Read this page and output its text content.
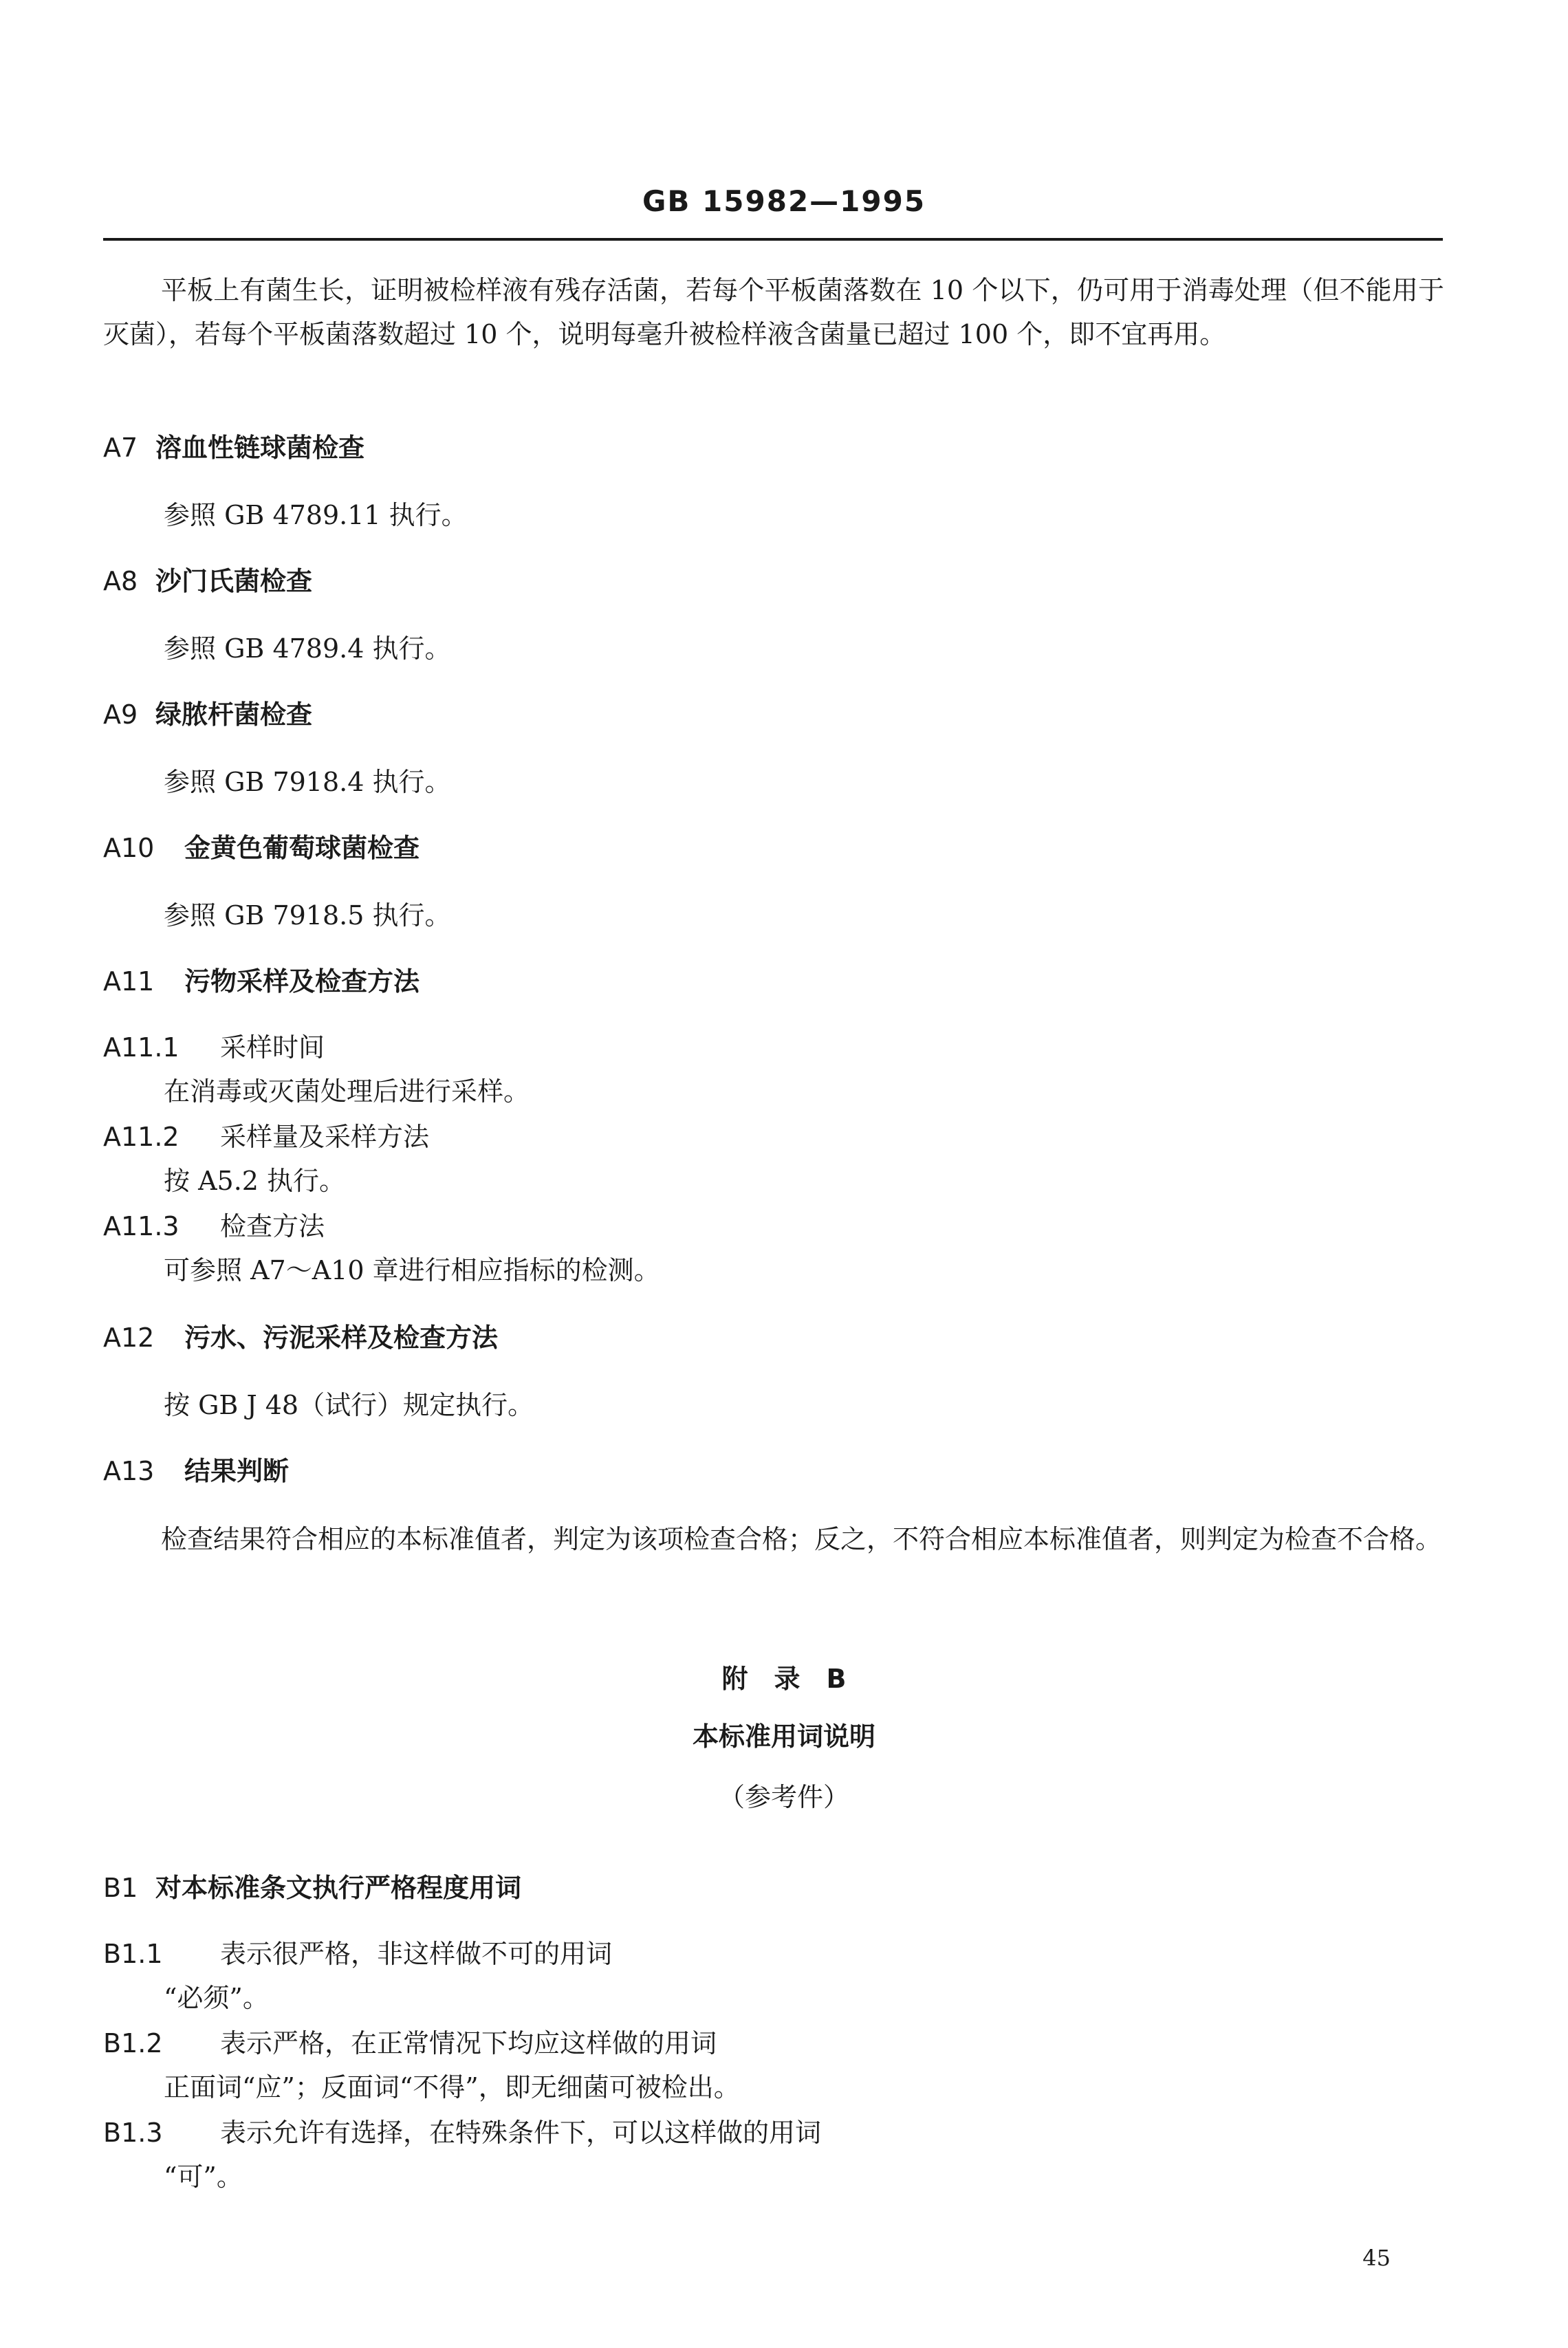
GB 15982—1995

平板上有菌生长，证明被检样液有残存活菌，若每个平板菌落数在 10 个以下，仍可用于消毒处理（但不能用于灭菌），若每个平板菌落数超过 10 个，说明每毫升被检样液含菌量已超过 100 个，即不宜再用。

A7 溶血性链球菌检查
参照 GB 4789.11 执行。
A8 沙门氏菌检查
参照 GB 4789.4 执行。
A9 绿脓杆菌检查
参照 GB 7918.4 执行。
A10 金黄色葡萄球菌检查
参照 GB 7918.5 执行。
A11 污物采样及检查方法
A11.1 采样时间
在消毒或灭菌处理后进行采样。
A11.2 采样量及采样方法
按 A5.2 执行。
A11.3 检查方法
可参照 A7～A10 章进行相应指标的检测。
A12 污水、污泥采样及检查方法
按 GB J 48（试行）规定执行。
A13 结果判断

检查结果符合相应的本标准值者，判定为该项检查合格；反之，不符合相应本标准值者，则判定为检查不合格。

附　录　B
本标准用词说明
（参考件）
B1 对本标准条文执行严格程度用词
B1.1 表示很严格，非这样做不可的用词
“必须”。
B1.2 表示严格，在正常情况下均应这样做的用词
正面词“应”；反面词“不得”，即无细菌可被检出。
B1.3 表示允许有选择，在特殊条件下，可以这样做的用词
“可”。
45
